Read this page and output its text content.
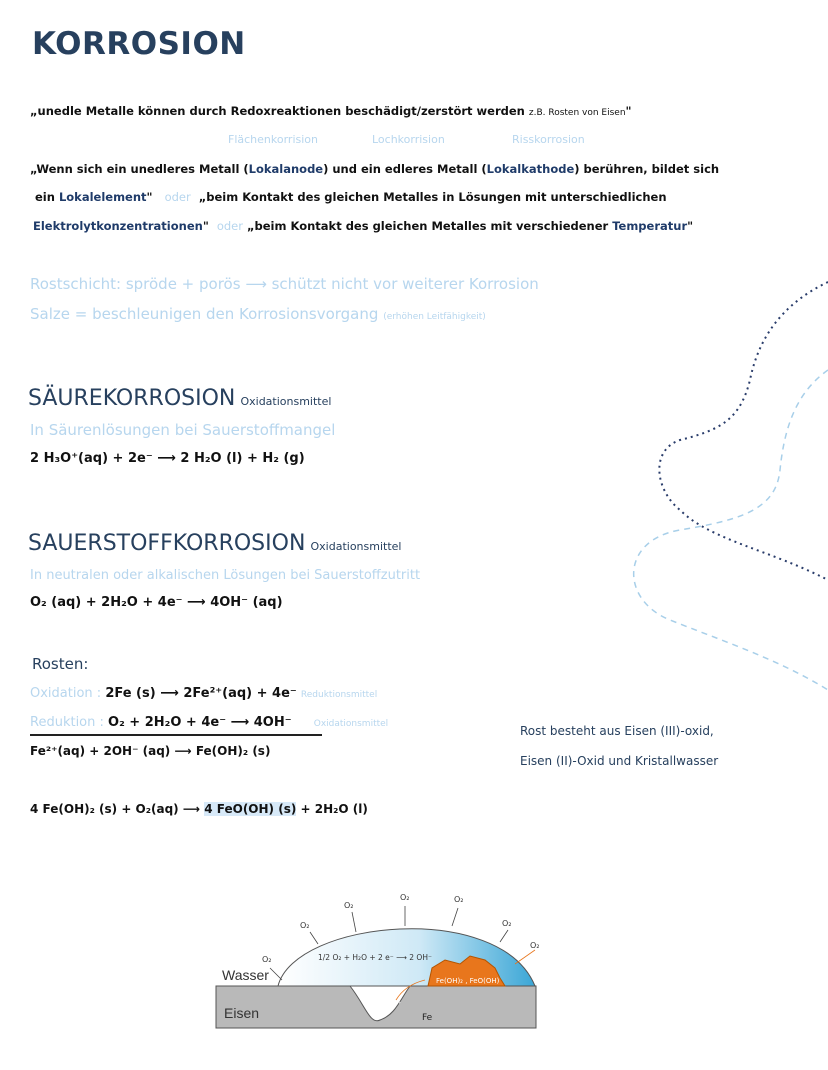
KORROSION
„unedle Metalle können durch Redoxreaktionen beschädigt/zerstört werden z.B. Rosten von Eisen"
Flächenkorrision	Lochkorrision	Risskorrosion
„Wenn sich ein unedleres Metall (Lokalanode) und ein edleres Metall (Lokalkathode) berühren, bildet sich
ein Lokalelement" oder „beim Kontakt des gleichen Metalles in Lösungen mit unterschiedlichen
Elektrolytkonzentrationen" oder „beim Kontakt des gleichen Metalles mit verschiedener Temperatur"
Rostschicht: spröde + porös ⟶ schützt nicht vor weiterer Korrosion
Salze = beschleunigen den Korrosionsvorgang (erhöhen Leitfähigkeit)
SÄUREKORROSION Oxidationsmittel
In Säurenlösungen bei Sauerstoffmangel
2 H₃O⁺(aq) + 2e⁻ ⟶ 2 H₂O (l) + H₂ (g)
SAUERSTOFFKORROSION Oxidationsmittel
In neutralen oder alkalischen Lösungen bei Sauerstoffzutritt
O₂ (aq) + 2H₂O + 4e⁻ ⟶ 4OH⁻ (aq)
Rosten:
Oxidation : 2Fe (s) ⟶ 2Fe²⁺(aq) + 4e⁻ Reduktionsmittel
Reduktion : O₂ + 2H₂O + 4e⁻ ⟶ 4OH⁻ Oxidationsmittel
Fe²⁺(aq) + 2OH⁻ (aq) ⟶ Fe(OH)₂ (s)
Rost besteht aus Eisen (III)-oxid,
Eisen (II)-Oxid und Kristallwasser
4 Fe(OH)₂ (s) + O₂(aq) ⟶ 4 FeO(OH) (s) + 2H₂O (l)
Wasser
Eisen
O₂
O₂
O₂
O₂
O₂
O₂
O₂
1/2 O₂ + H₂O + 2 e⁻ ⟶ 2 OH⁻
Fe(OH)₂ , FeO(OH)
Fe²⁺
Fe
